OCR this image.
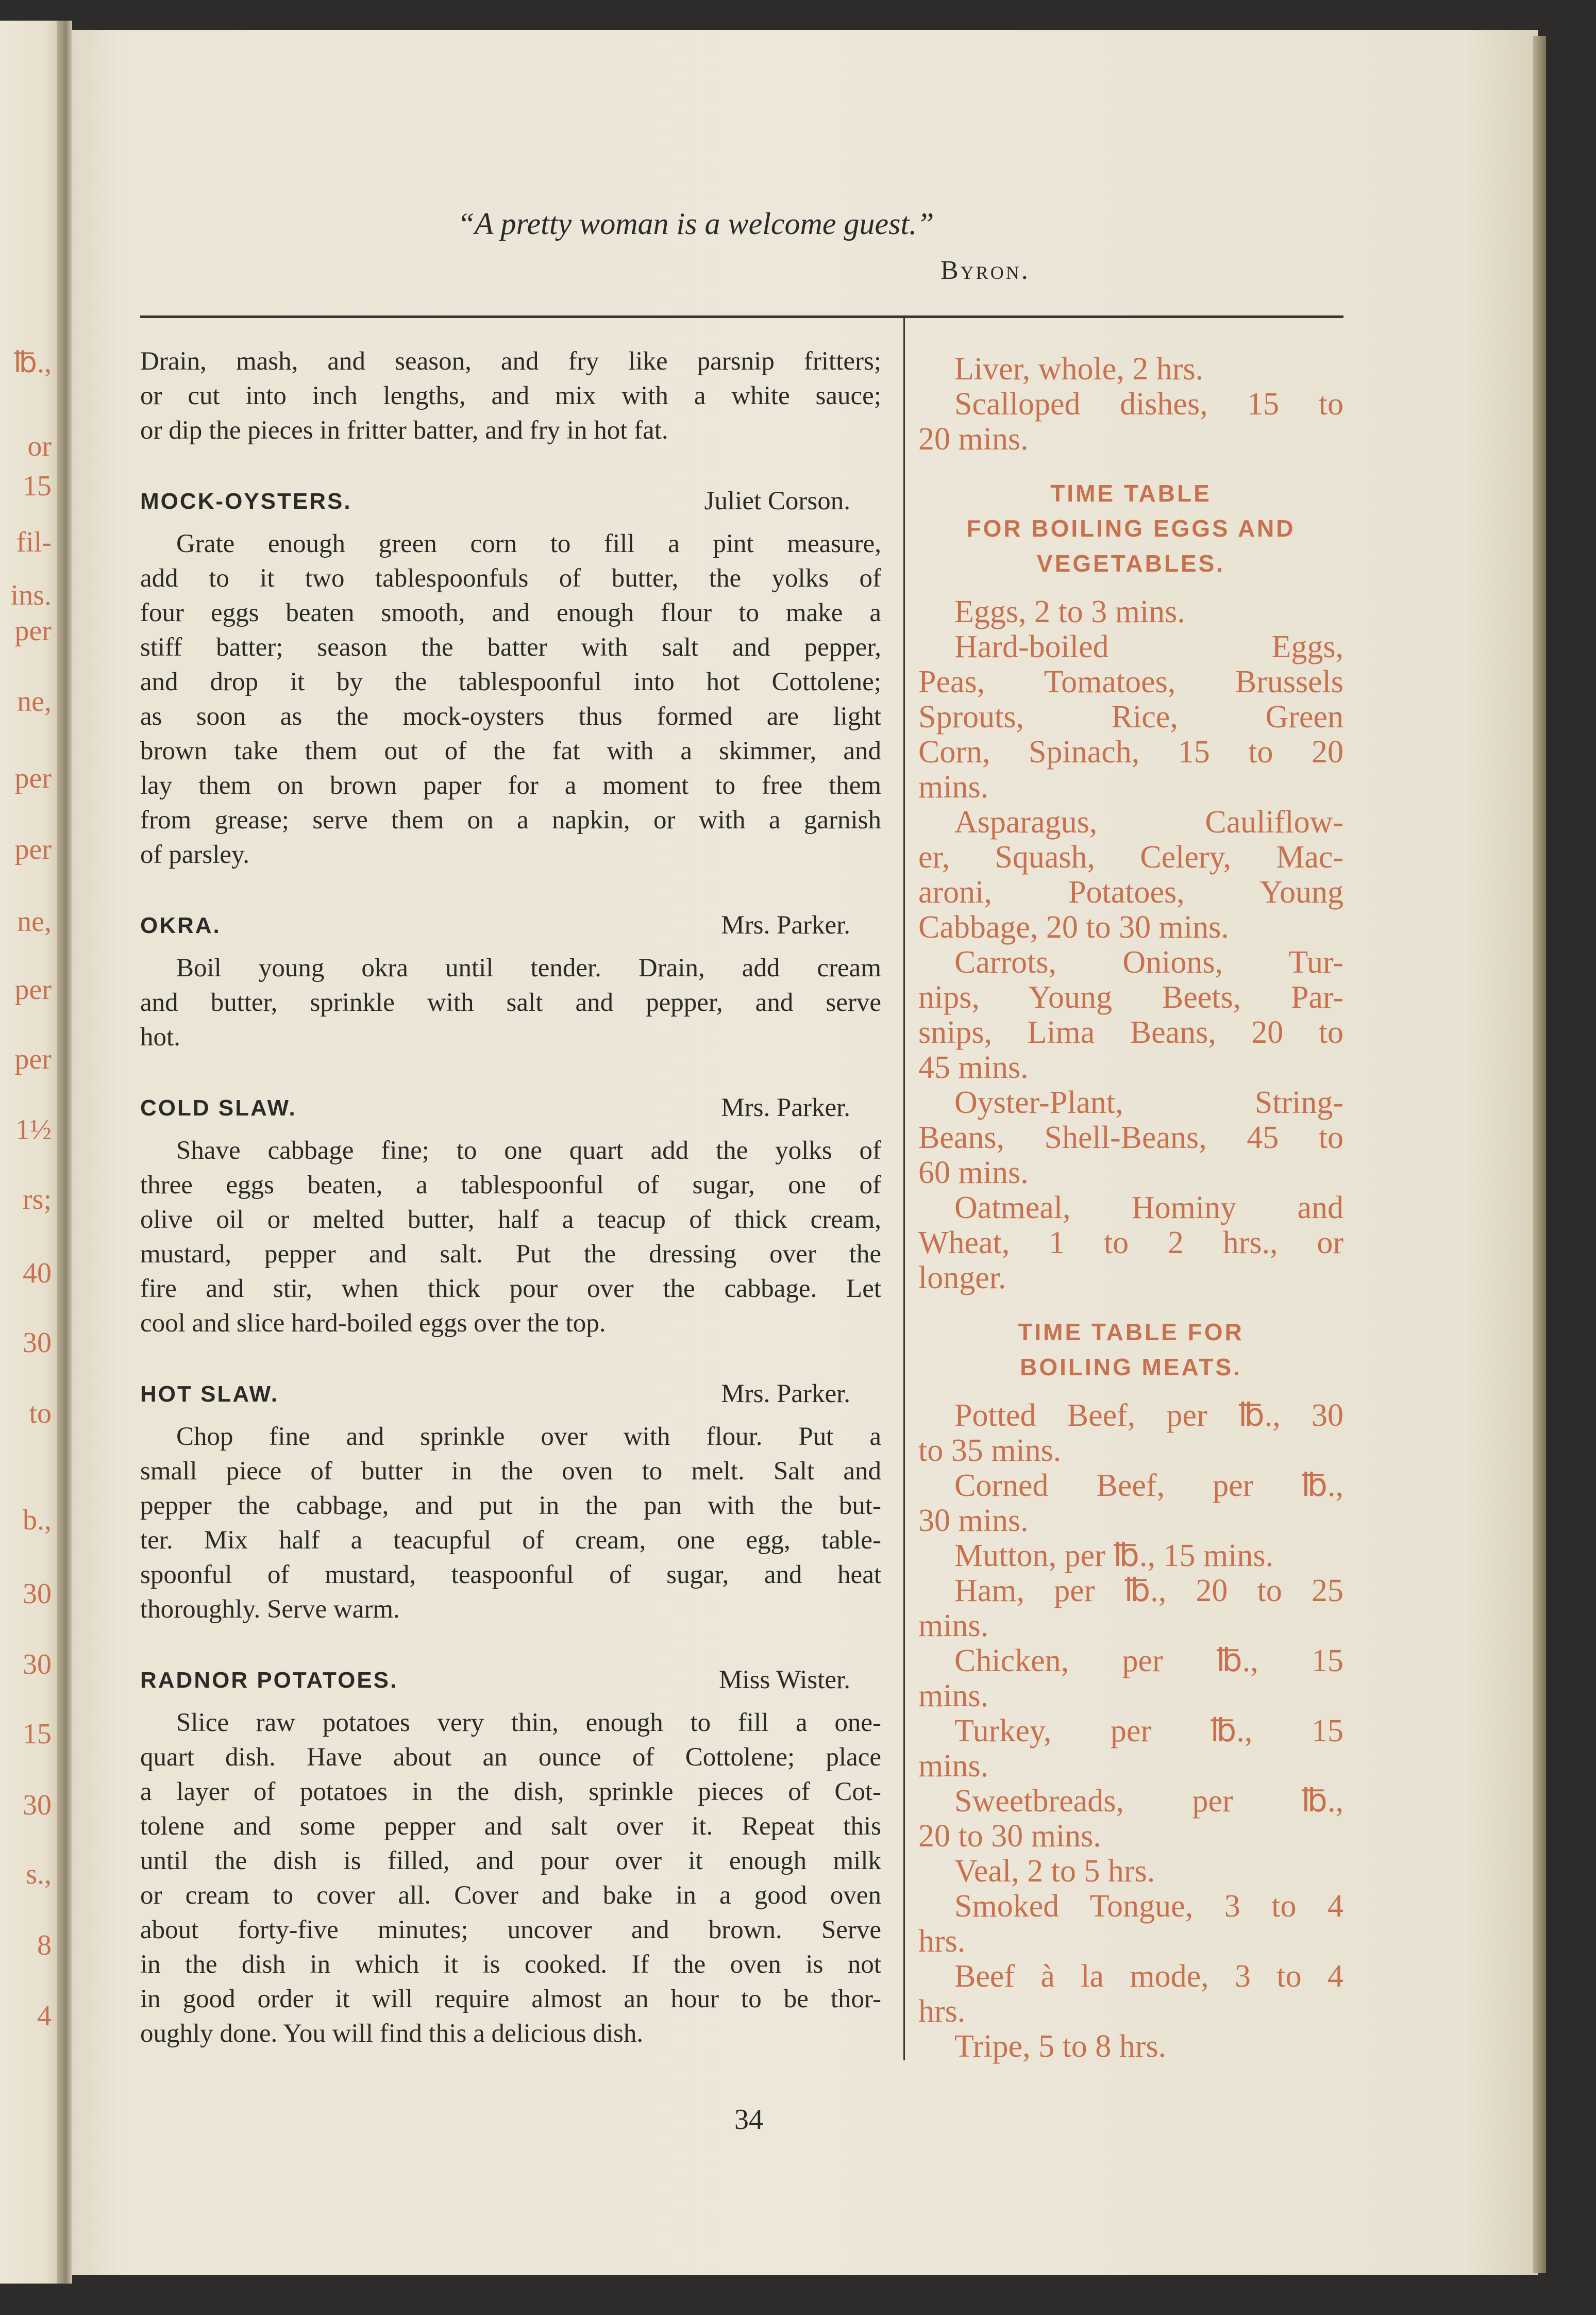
℔.,
or
15
fil-
ins.
per
ne,
per
per
ne,
per
per
1½
rs;
40
30
to
b.,
30
30
15
30
s.,
8
4
“A pretty woman is a welcome guest.”
Byron.
Drain, mash, and season, and fry like parsnip fritters;
or cut into inch lengths, and mix with a white sauce;
or dip the pieces in fritter batter, and fry in hot fat.
MOCK-OYSTERS.	Juliet Corson.
Grate enough green corn to fill a pint measure,
add to it two tablespoonfuls of butter, the yolks of
four eggs beaten smooth, and enough flour to make a
stiff batter; season the batter with salt and pepper,
and drop it by the tablespoonful into hot Cottolene;
as soon as the mock-oysters thus formed are light
brown take them out of the fat with a skimmer, and
lay them on brown paper for a moment to free them
from grease; serve them on a napkin, or with a garnish
of parsley.
OKRA.	Mrs. Parker.
Boil young okra until tender. Drain, add cream
and butter, sprinkle with salt and pepper, and serve
hot.
COLD SLAW.	Mrs. Parker.
Shave cabbage fine; to one quart add the yolks of
three eggs beaten, a tablespoonful of sugar, one of
olive oil or melted butter, half a teacup of thick cream,
mustard, pepper and salt. Put the dressing over the
fire and stir, when thick pour over the cabbage. Let
cool and slice hard-boiled eggs over the top.
HOT SLAW.	Mrs. Parker.
Chop fine and sprinkle over with flour. Put a
small piece of butter in the oven to melt. Salt and
pepper the cabbage, and put in the pan with the but-
ter. Mix half a teacupful of cream, one egg, table-
spoonful of mustard, teaspoonful of sugar, and heat
thoroughly. Serve warm.
RADNOR POTATOES.	Miss Wister.
Slice raw potatoes very thin, enough to fill a one-
quart dish. Have about an ounce of Cottolene; place
a layer of potatoes in the dish, sprinkle pieces of Cot-
tolene and some pepper and salt over it. Repeat this
until the dish is filled, and pour over it enough milk
or cream to cover all. Cover and bake in a good oven
about forty-five minutes; uncover and brown. Serve
in the dish in which it is cooked. If the oven is not
in good order it will require almost an hour to be thor-
oughly done. You will find this a delicious dish.
Liver, whole, 2 hrs.
Scalloped dishes, 15 to
20 mins.
TIME TABLE
FOR BOILING EGGS AND
VEGETABLES.
Eggs, 2 to 3 mins.
Hard-boiled Eggs,
Peas, Tomatoes, Brussels
Sprouts, Rice, Green
Corn, Spinach, 15 to 20
mins.
Asparagus, Cauliflow-
er, Squash, Celery, Mac-
aroni, Potatoes, Young
Cabbage, 20 to 30 mins.
Carrots, Onions, Tur-
nips, Young Beets, Par-
snips, Lima Beans, 20 to
45 mins.
Oyster-Plant, String-
Beans, Shell-Beans, 45 to
60 mins.
Oatmeal, Hominy and
Wheat, 1 to 2 hrs., or
longer.
TIME TABLE FOR
BOILING MEATS.
Potted Beef, per ℔., 30
to 35 mins.
Corned Beef, per ℔.,
30 mins.
Mutton, per ℔., 15 mins.
Ham, per ℔., 20 to 25
mins.
Chicken, per ℔., 15
mins.
Turkey, per ℔., 15
mins.
Sweetbreads, per ℔.,
20 to 30 mins.
Veal, 2 to 5 hrs.
Smoked Tongue, 3 to 4
hrs.
Beef à la mode, 3 to 4
hrs.
Tripe, 5 to 8 hrs.
34
